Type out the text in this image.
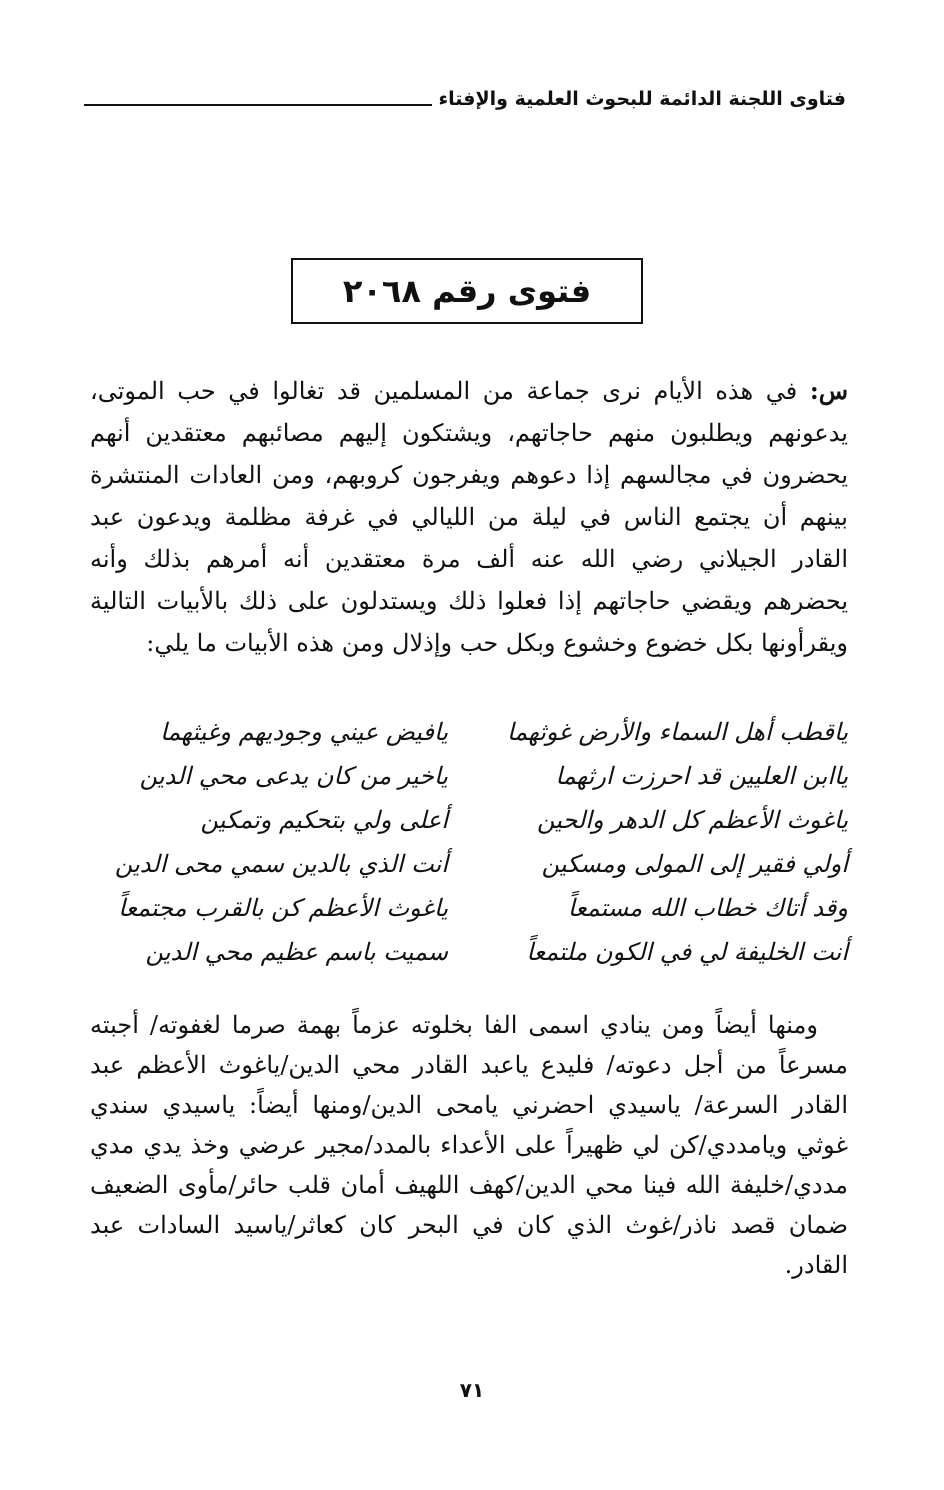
فتاوى اللجنة الدائمة للبحوث العلمية والإفتاء
فتوى رقم ٢٠٦٨
س: في هذه الأيام نرى جماعة من المسلمين قد تغالوا في حب الموتى، يدعونهم ويطلبون منهم حاجاتهم، ويشتكون إليهم مصائبهم معتقدين أنهم يحضرون في مجالسهم إذا دعوهم ويفرجون كروبهم، ومن العادات المنتشرة بينهم أن يجتمع الناس في ليلة من الليالي في غرفة مظلمة ويدعون عبد القادر الجيلاني رضي الله عنه ألف مرة معتقدين أنه أمرهم بذلك وأنه يحضرهم ويقضي حاجاتهم إذا فعلوا ذلك ويستدلون على ذلك بالأبيات التالية ويقرأونها بكل خضوع وخشوع وبكل حب وإذلال ومن هذه الأبيات ما يلي:
ياقطب أهل السماء والأرض غوثهما
يافيض عيني وجوديهم وغيثهما
ياابن العليين قد احرزت ارثهما
ياخير من كان يدعى محي الدين
ياغوث الأعظم كل الدهر والحين
أعلى ولي بتحكيم وتمكين
أولي فقير إلى المولى ومسكين
أنت الذي بالدين سمي محى الدين
وقد أتاك خطاب الله مستمعاً
ياغوث الأعظم كن بالقرب مجتمعاً
أنت الخليفة لي في الكون ملتمعاً
سميت باسم عظيم محي الدين
ومنها أيضاً ومن ينادي اسمى الفا بخلوته عزماً بهمة صرما لغفوته/ أجبته مسرعاً من أجل دعوته/ فليدع ياعبد القادر محي الدين/ياغوث الأعظم عبد القادر السرعة/ ياسيدي احضرني يامحى الدين/ومنها أيضاً: ياسيدي سندي غوثي ويامددي/كن لي ظهيراً على الأعداء بالمدد/مجير عرضي وخذ يدي مدي مددي/خليفة الله فينا محي الدين/كهف اللهيف أمان قلب حائر/مأوى الضعيف ضمان قصد ناذر/غوث الذي كان في البحر كان كعاثر/ياسيد السادات عبد القادر.
٧١
